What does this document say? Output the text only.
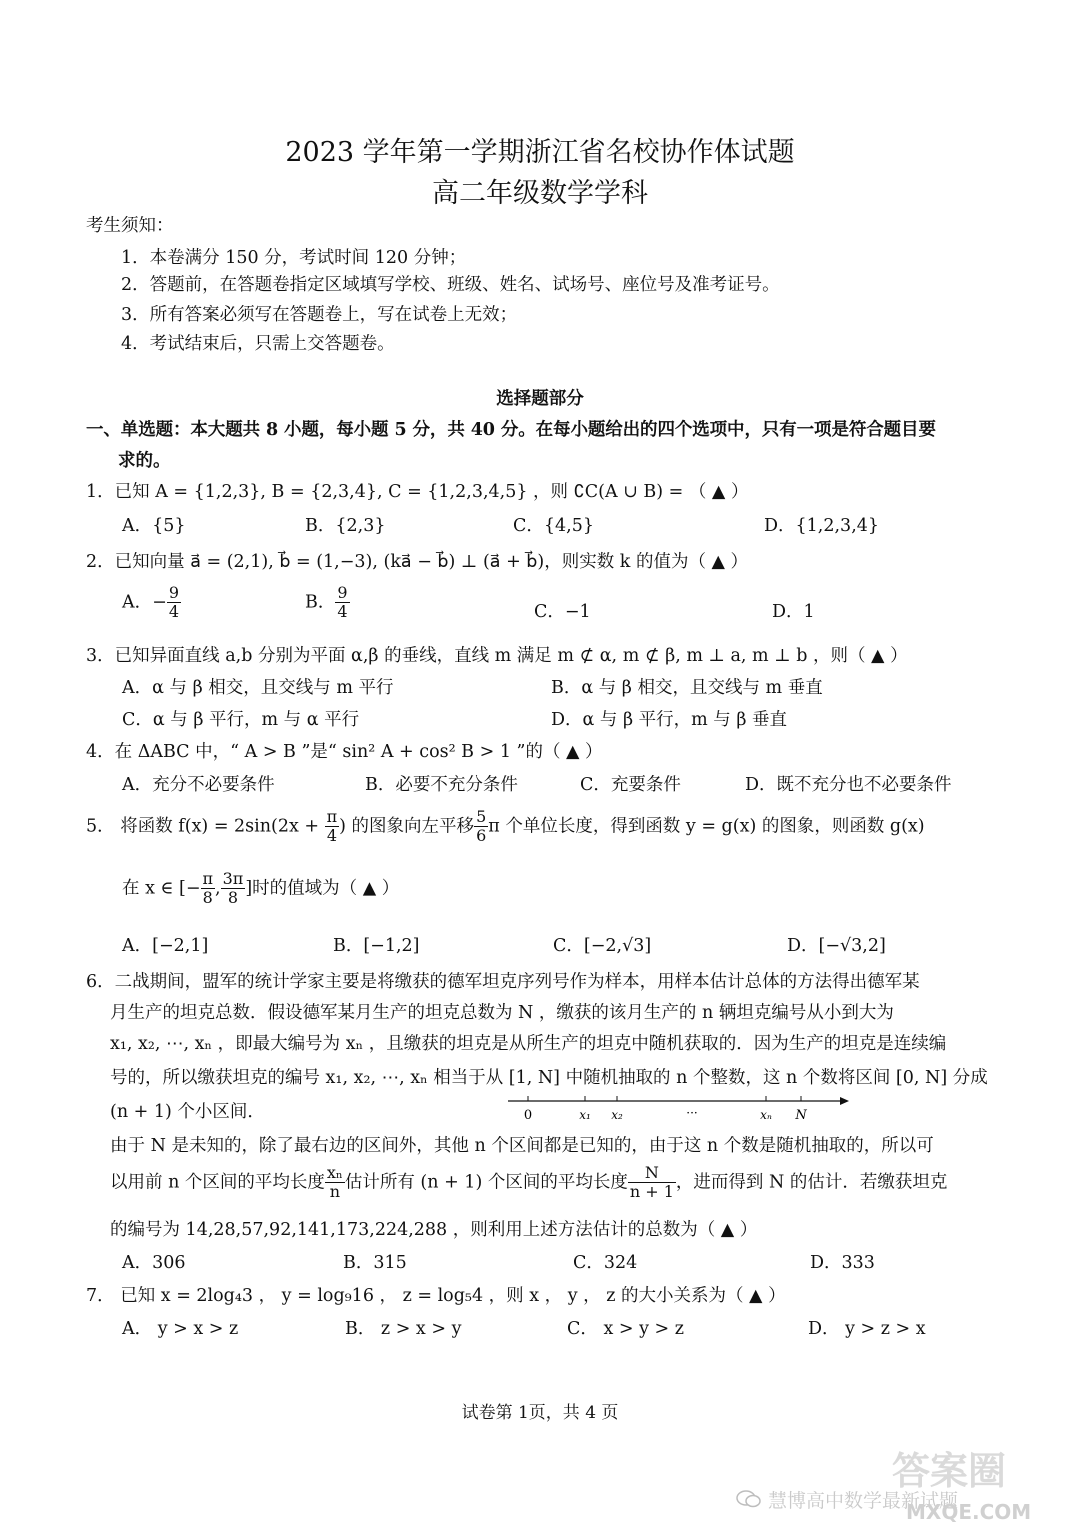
2023 学年第一学期浙江省名校协作体试题
高二年级数学学科
考生须知：
1．本卷满分 150 分，考试时间 120 分钟；
2．答题前，在答题卷指定区域填写学校、班级、姓名、试场号、座位号及准考证号。
3．所有答案必须写在答题卷上，写在试卷上无效；
4．考试结束后，只需上交答题卷。
选择题部分
一、单选题：本大题共 8 小题，每小题 5 分，共 40 分。在每小题给出的四个选项中，只有一项是符合题目要
求的。
1．已知 A = {1,2,3}, B = {2,3,4}, C = {1,2,3,4,5} ，则 ∁C(A ∪ B) = （ ▲ ）
A．{5}	B．{2,3}	C．{4,5}	D．{1,2,3,4}
2．已知向量 a⃗ = (2,1), b⃗ = (1,−3), (ka⃗ − b⃗) ⊥ (a⃗ + b⃗)，则实数 k 的值为（ ▲ ）
A．− $\frac{9}{4}$	B． $\frac{9}{4}$	C．−1	D．1
3．已知异面直线 a,b 分别为平面 α,β 的垂线，直线 m 满足 m ⊄ α, m ⊄ β, m ⊥ a, m ⊥ b ，则（ ▲ ）
A．α 与 β 相交，且交线与 m 平行	B．α 与 β 相交，且交线与 m 垂直
C．α 与 β 平行，m 与 α 平行	D．α 与 β 平行，m 与 β 垂直
4．在 ΔABC 中，“ A > B ”是“ sin² A + cos² B > 1 ”的（ ▲ ）
A．充分不必要条件	B．必要不充分条件	C．充要条件	D．既不充分也不必要条件
5． 将函数 $f(x) = 2\sin(2x + \frac{\pi}{4}$ ) 的图象向左平移 $\frac{5}{6}$ π 个单位长度，得到函数 y = g(x) 的图象，则函数 g(x)
在 x ∈ [− $\frac{\pi}{8}$ , $\frac{3\pi}{8}$ ]时的值域为（ ▲ ）
A．[−2,1]	B．[−1,2]	C．[−2,√3]	D．[−√3,2]
6．二战期间，盟军的统计学家主要是将缴获的德军坦克序列号作为样本，用样本估计总体的方法得出德军某
月生产的坦克总数．假设德军某月生产的坦克总数为 N ，缴获的该月生产的 n 辆坦克编号从小到大为
x₁, x₂, ⋯, xₙ ，即最大编号为 xₙ ，且缴获的坦克是从所生产的坦克中随机获取的．因为生产的坦克是连续编
号的，所以缴获坦克的编号 x₁, x₂, ⋯, xₙ 相当于从 [1, N] 中随机抽取的 n 个整数，这 n 个数将区间 [0, N] 分成
(n + 1) 个小区间．	0	x₁ x₂	···	xₙ N
由于 N 是未知的，除了最右边的区间外，其他 n 个区间都是已知的，由于这 n 个数是随机抽取的，所以可
以用前 n 个区间的平均长度 $\frac{\text{xₙ}}{n}$ 估计所有 (n + 1) 个区间的平均长度 $\frac{N}{n + 1}$ ，进而得到 N 的估计．若缴获坦克
的编号为 14,28,57,92,141,173,224,288 ，则利用上述方法估计的总数为（ ▲ ）
A．306	B．315	C．324	D．333
7． 已知 x = 2log₄3 ， y = log₉16 ， z = log₅4 ，则 x ， y ， z 的大小关系为（ ▲ ）
A． y > x > z	B． z > x > y	C． x > y > z	D． y > z > x
试卷第 1页，共 4 页
慧博高中数学最新试题
答案圈
MXQE.COM
